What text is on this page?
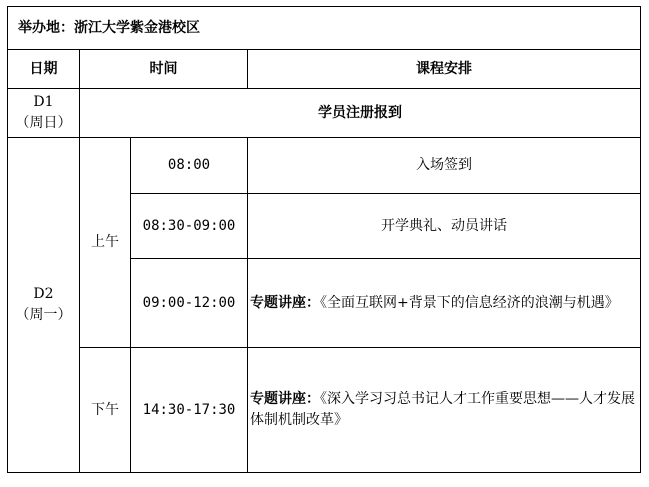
举办地：浙江大学紫金港校区			
日期	时间		课程安排

D1
（周日）	学员注册报到		

D2
（周一）	上午	08:00	入场签到
		08:30-09:00	开学典礼、动员讲话
		09:00-12:00	专题讲座：《全面互联网+背景下的信息经济的浪潮与机遇》
	下午	14:30-17:30	专题讲座：《深入学习习总书记人才工作重要思想——人才发展体制机制改革》
